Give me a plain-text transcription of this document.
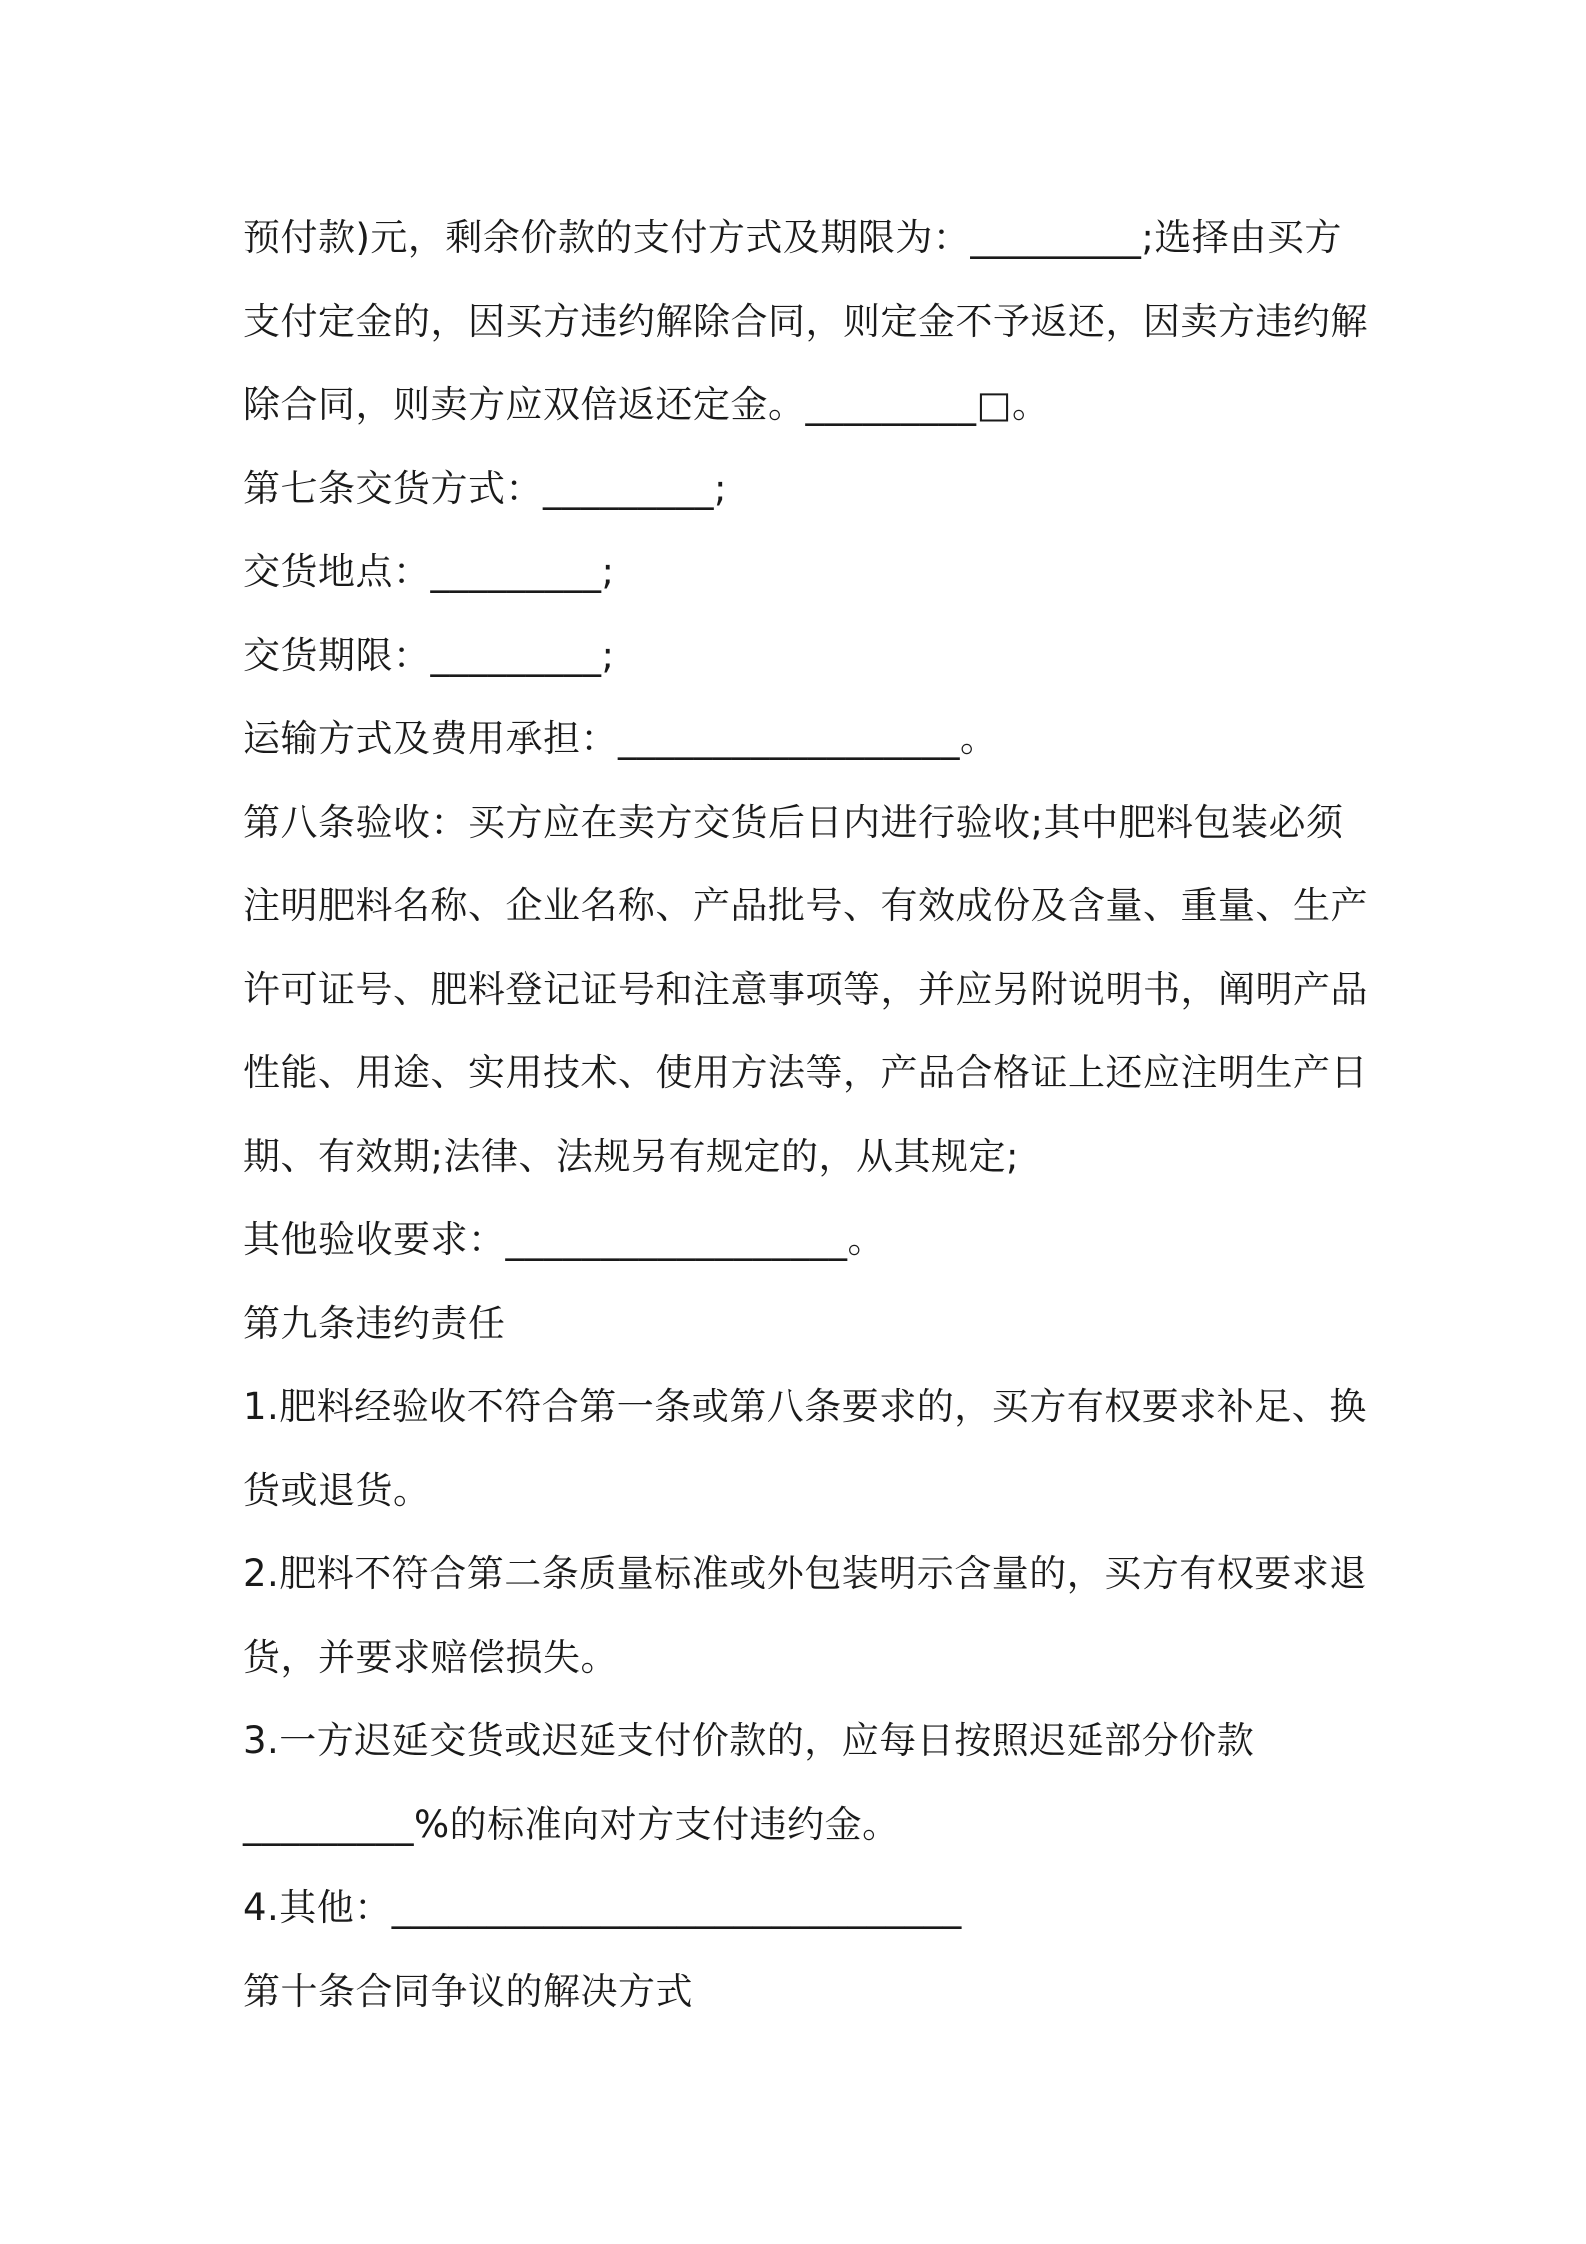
预付款)元，剩余价款的支付方式及期限为：_________;选择由买方
支付定金的，因买方违约解除合同，则定金不予返还，因卖方违约解
除合同，则卖方应双倍返还定金。_________□。
第七条交货方式：_________;
交货地点：_________;
交货期限：_________;
运输方式及费用承担：__________________。
第八条验收：买方应在卖方交货后日内进行验收;其中肥料包装必须
注明肥料名称、企业名称、产品批号、有效成份及含量、重量、生产
许可证号、肥料登记证号和注意事项等，并应另附说明书，阐明产品
性能、用途、实用技术、使用方法等，产品合格证上还应注明生产日
期、有效期;法律、法规另有规定的，从其规定;
其他验收要求：__________________。
第九条违约责任
1.肥料经验收不符合第一条或第八条要求的，买方有权要求补足、换
货或退货。
2.肥料不符合第二条质量标准或外包装明示含量的，买方有权要求退
货，并要求赔偿损失。
3.一方迟延交货或迟延支付价款的，应每日按照迟延部分价款
_________%的标准向对方支付违约金。
4.其他：______________________________
第十条合同争议的解决方式
